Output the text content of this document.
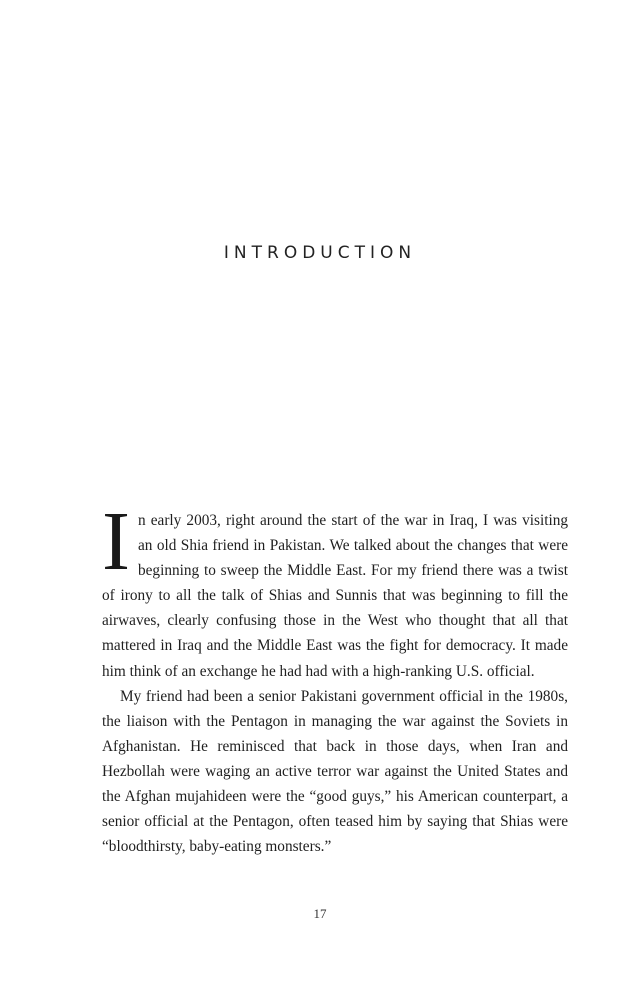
INTRODUCTION

In early 2003, right around the start of the war in Iraq, I was visiting an old Shia friend in Pakistan. We talked about the changes that were beginning to sweep the Middle East. For my friend there was a twist of irony to all the talk of Shias and Sunnis that was beginning to fill the airwaves, clearly confusing those in the West who thought that all that mattered in Iraq and the Middle East was the fight for democracy. It made him think of an exchange he had had with a high-ranking U.S. official.

My friend had been a senior Pakistani government official in the 1980s, the liaison with the Pentagon in managing the war against the Soviets in Afghanistan. He reminisced that back in those days, when Iran and Hezbollah were waging an active terror war against the United States and the Afghan mujahideen were the “good guys,” his American counterpart, a senior official at the Pentagon, often teased him by saying that Shias were “bloodthirsty, baby-eating monsters.”

17
